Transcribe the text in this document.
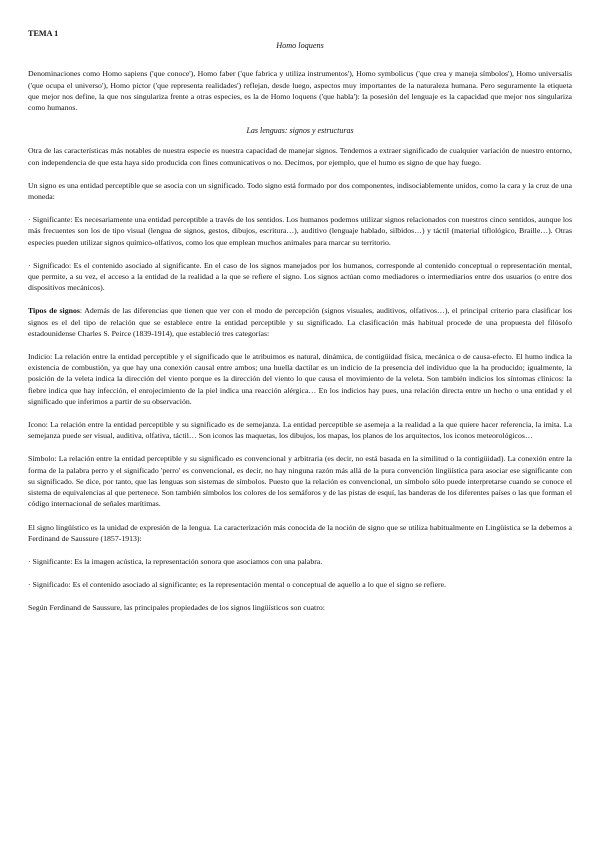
TEMA 1
Homo loquens

Denominaciones como Homo sapiens ('que conoce'), Homo faber ('que fabrica y utiliza instrumentos'), Homo symbolicus ('que crea y maneja símbolos'), Homo universalis ('que ocupa el universo'), Homo pictor ('que representa realidades') reflejan, desde luego, aspectos muy importantes de la naturaleza humana. Pero seguramente la etiqueta que mejor nos define, la que nos singulariza frente a otras especies, es la de Homo loquens ('que habla'): la posesión del lenguaje es la capacidad que mejor nos singulariza como humanos.

Las lenguas: signos y estructuras

Otra de las características más notables de nuestra especie es nuestra capacidad de manejar signos. Tendemos a extraer significado de cualquier variación de nuestro entorno, con independencia de que esta haya sido producida con fines comunicativos o no. Decimos, por ejemplo, que el humo es signo de que hay fuego.

Un signo es una entidad perceptible que se asocia con un significado. Todo signo está formado por dos componentes, indisociablemente unidos, como la cara y la cruz de una moneda:

· Significante: Es necesariamente una entidad perceptible a través de los sentidos. Los humanos podemos utilizar signos relacionados con nuestros cinco sentidos, aunque los más frecuentes son los de tipo visual (lengua de signos, gestos, dibujos, escritura…), auditivo (lenguaje hablado, silbidos…) y táctil (material tiflológico, Braille…). Otras especies pueden utilizar signos químico-olfativos, como los que emplean muchos animales para marcar su territorio.

· Significado: Es el contenido asociado al significante. En el caso de los signos manejados por los humanos, corresponde al contenido conceptual o representación mental, que permite, a su vez, el acceso a la entidad de la realidad a la que se refiere el signo. Los signos actúan como mediadores o intermediarios entre dos usuarios (o entre dos dispositivos mecánicos).

Tipos de signos: Además de las diferencias que tienen que ver con el modo de percepción (signos visuales, auditivos, olfativos…), el principal criterio para clasificar los signos es el del tipo de relación que se establece entre la entidad perceptible y su significado. La clasificación más habitual procede de una propuesta del filósofo estadounidense Charles S. Peirce (1839-1914), que estableció tres categorías:

Indicio: La relación entre la entidad perceptible y el significado que le atribuimos es natural, dinámica, de contigüidad física, mecánica o de causa-efecto. El humo indica la existencia de combustión, ya que hay una conexión causal entre ambos; una huella dactilar es un indicio de la presencia del individuo que la ha producido; igualmente, la posición de la veleta indica la dirección del viento porque es la dirección del viento lo que causa el movimiento de la veleta. Son también indicios los síntomas clínicos: la fiebre indica que hay infección, el enrojecimiento de la piel indica una reacción alérgica… En los indicios hay pues, una relación directa entre un hecho o una entidad y el significado que inferimos a partir de su observación.

Icono: La relación entre la entidad perceptible y su significado es de semejanza. La entidad perceptible se asemeja a la realidad a la que quiere hacer referencia, la imita. La semejanza puede ser visual, auditiva, olfativa, táctil… Son iconos las maquetas, los dibujos, los mapas, los planos de los arquitectos, los iconos meteorológicos…

Símbolo: La relación entre la entidad perceptible y su significado es convencional y arbitraria (es decir, no está basada en la similitud o la contigüidad). La conexión entre la forma de la palabra perro y el significado 'perro' es convencional, es decir, no hay ninguna razón más allá de la pura convención lingüística para asociar ese significante con su significado. Se dice, por tanto, que las lenguas son sistemas de símbolos. Puesto que la relación es convencional, un símbolo sólo puede interpretarse cuando se conoce el sistema de equivalencias al que pertenece. Son también símbolos los colores de los semáforos y de las pistas de esquí, las banderas de los diferentes países o las que forman el código internacional de señales marítimas.

El signo lingüístico es la unidad de expresión de la lengua. La caracterización más conocida de la noción de signo que se utiliza habitualmente en Lingüística se la debemos a Ferdinand de Saussure (1857-1913):

· Significante: Es la imagen acústica, la representación sonora que asociamos con una palabra.

· Significado: Es el contenido asociado al significante; es la representación mental o conceptual de aquello a lo que el signo se refiere.

Según Ferdinand de Saussure, las principales propiedades de los signos lingüísticos son cuatro:
